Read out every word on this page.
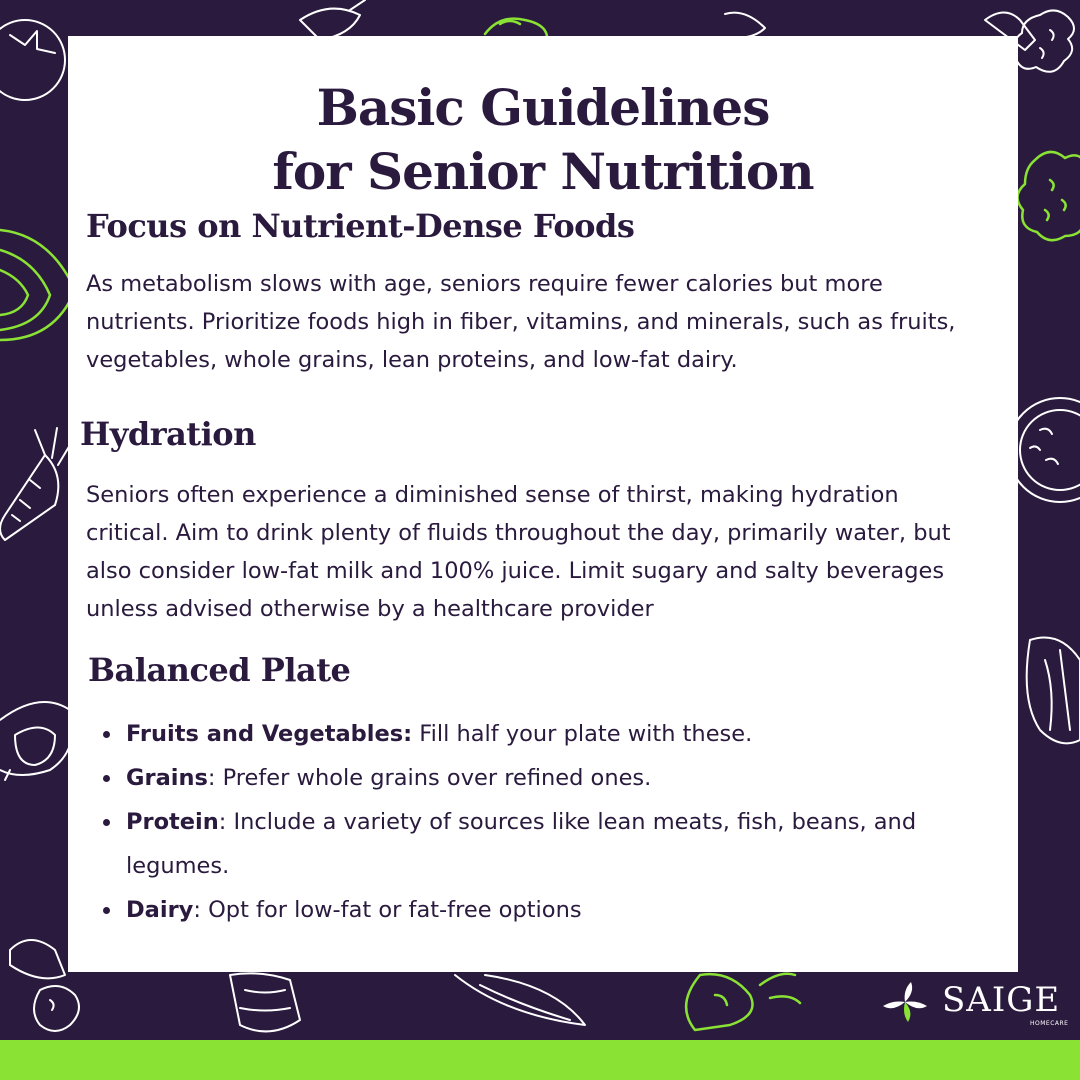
Basic Guidelines
for Senior Nutrition
Focus on Nutrient-Dense Foods

As metabolism slows with age, seniors require fewer calories but more nutrients. Prioritize foods high in fiber, vitamins, and minerals, such as fruits, vegetables, whole grains, lean proteins, and low-fat dairy.

Hydration

Seniors often experience a diminished sense of thirst, making hydration critical. Aim to drink plenty of fluids throughout the day, primarily water, but also consider low-fat milk and 100% juice. Limit sugary and salty beverages unless advised otherwise by a healthcare provider

Balanced Plate
Fruits and Vegetables: Fill half your plate with these.
Grains: Prefer whole grains over refined ones.
Protein: Include a variety of sources like lean meats, fish, beans, and legumes.
Dairy: Opt for low-fat or fat-free options

SAIGE

HOMECARE
